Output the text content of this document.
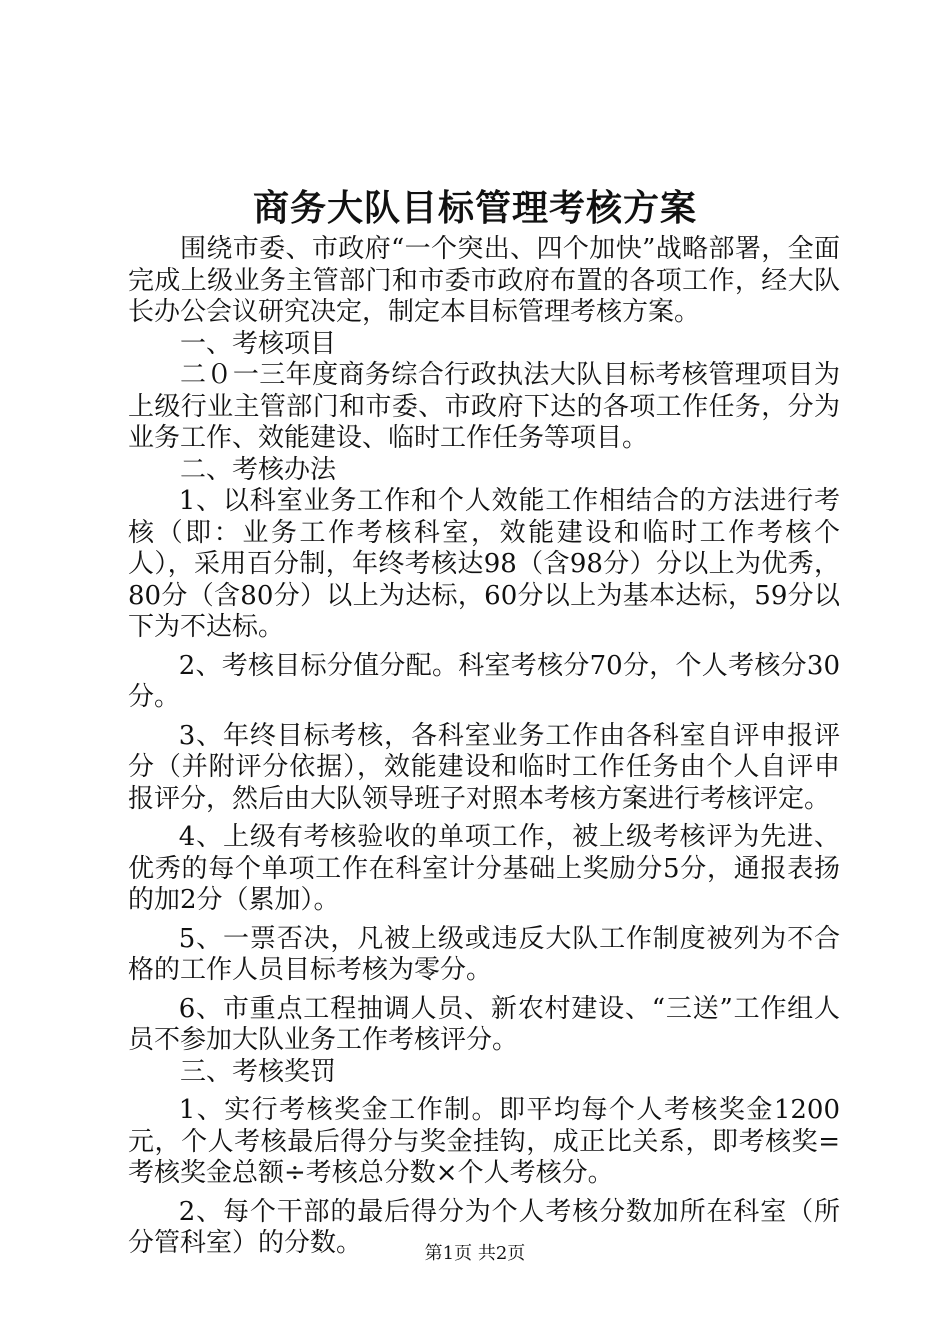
商务大队目标管理考核方案

围绕市委、市政府“一个突出、四个加快”战略部署，全面完成上级业务主管部门和市委市政府布置的各项工作，经大队长办公会议研究决定，制定本目标管理考核方案。

一、考核项目

二０一三年度商务综合行政执法大队目标考核管理项目为上级行业主管部门和市委、市政府下达的各项工作任务，分为业务工作、效能建设、临时工作任务等项目。

二、考核办法

1、以科室业务工作和个人效能工作相结合的方法进行考核（即：业务工作考核科室，效能建设和临时工作考核个人），采用百分制，年终考核达98（含98分）分以上为优秀，80分（含80分）以上为达标，60分以上为基本达标，59分以下为不达标。

2、考核目标分值分配。科室考核分70分，个人考核分30分。

3、年终目标考核，各科室业务工作由各科室自评申报评分（并附评分依据），效能建设和临时工作任务由个人自评申报评分，然后由大队领导班子对照本考核方案进行考核评定。

4、上级有考核验收的单项工作，被上级考核评为先进、优秀的每个单项工作在科室计分基础上奖励分5分，通报表扬的加2分（累加）。

5、一票否决，凡被上级或违反大队工作制度被列为不合格的工作人员目标考核为零分。

6、市重点工程抽调人员、新农村建设、“三送”工作组人员不参加大队业务工作考核评分。

三、考核奖罚

1、实行考核奖金工作制。即平均每个人考核奖金1200元，个人考核最后得分与奖金挂钩，成正比关系，即考核奖=考核奖金总额÷考核总分数×个人考核分。

2、每个干部的最后得分为个人考核分数加所在科室（所分管科室）的分数。	第1页 共2页
